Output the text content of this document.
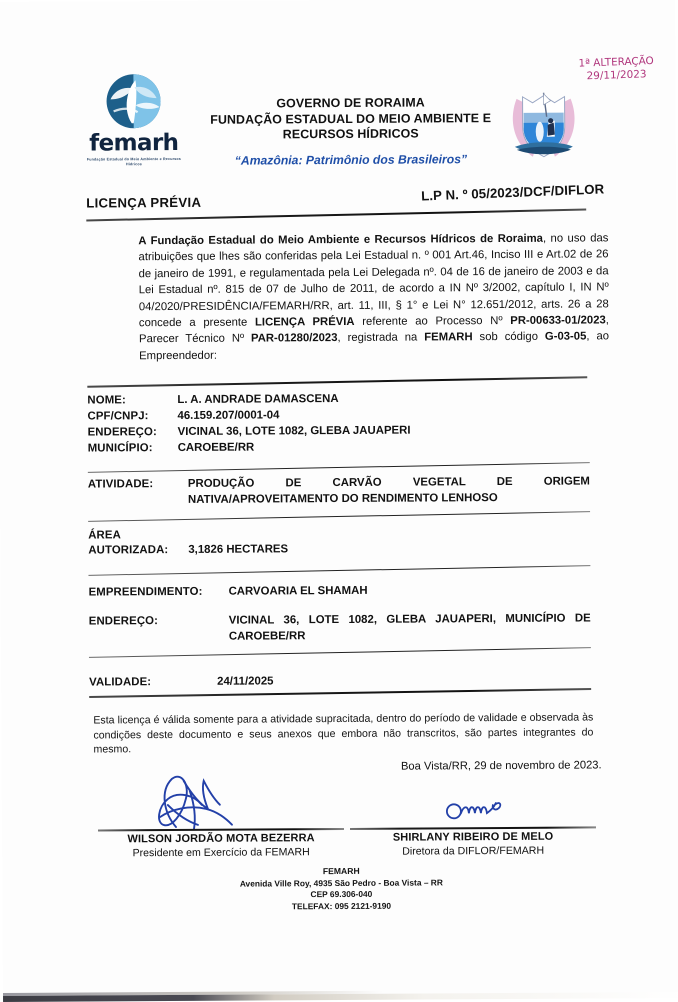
femarh
Fundação Estadual do Meio Ambiente e Recursos Hídricos
GOVERNO DE RORAIMA
FUNDAÇÃO ESTADUAL DO MEIO AMBIENTE E
RECURSOS HÍDRICOS
“Amazônia: Patrimônio dos Brasileiros”
1ª ALTERAÇÃO
29/11/2023
LICENÇA PRÉVIA	L.P N. º 05/2023/DCF/DIFLOR
A Fundação Estadual do Meio Ambiente e Recursos Hídricos de Roraima, no uso das atribuições que lhes são conferidas pela Lei Estadual n. º 001 Art.46, Inciso III e Art.02 de 26 de janeiro de 1991, e regulamentada pela Lei Delegada nº. 04 de 16 de janeiro de 2003 e da Lei Estadual nº. 815 de 07 de Julho de 2011, de acordo a IN Nº 3/2002, capítulo I, IN Nº 04/2020/PRESIDÊNCIA/FEMARH/RR, art. 11, III, § 1° e Lei N° 12.651/2012, arts. 26 a 28 concede a presente LICENÇA PRÉVIA referente ao Processo Nº PR-00633-01/2023, Parecer Técnico Nº PAR-01280/2023, registrada na FEMARH sob código G-03-05, ao Empreendedor:
NOME:	L. A. ANDRADE DAMASCENA
CPF/CNPJ:	46.159.207/0001-04
ENDEREÇO:	VICINAL 36, LOTE 1082, GLEBA JAUAPERI
MUNICÍPIO:	CAROEBE/RR
ATIVIDADE:	PRODUÇÃO DE CARVÃO VEGETAL DE ORIGEM
NATIVA/APROVEITAMENTO DO RENDIMENTO LENHOSO
ÁREA
AUTORIZADA:	3,1826 HECTARES
EMPREENDIMENTO:	CARVOARIA EL SHAMAH
ENDEREÇO:	VICINAL 36, LOTE 1082, GLEBA JAUAPERI, MUNICÍPIO DE CAROEBE/RR
VALIDADE:	24/11/2025
Esta licença é válida somente para a atividade supracitada, dentro do período de validade e observada às condições deste documento e seus anexos que embora não transcritos, são partes integrantes do mesmo.
Boa Vista/RR, 29 de novembro de 2023.
WILSON JORDÃO MOTA BEZERRA
Presidente em Exercício da FEMARH
SHIRLANY RIBEIRO DE MELO
Diretora da DIFLOR/FEMARH
FEMARH
Avenida Ville Roy, 4935 São Pedro - Boa Vista – RR
CEP 69.306-040
TELEFAX: 095 2121-9190
